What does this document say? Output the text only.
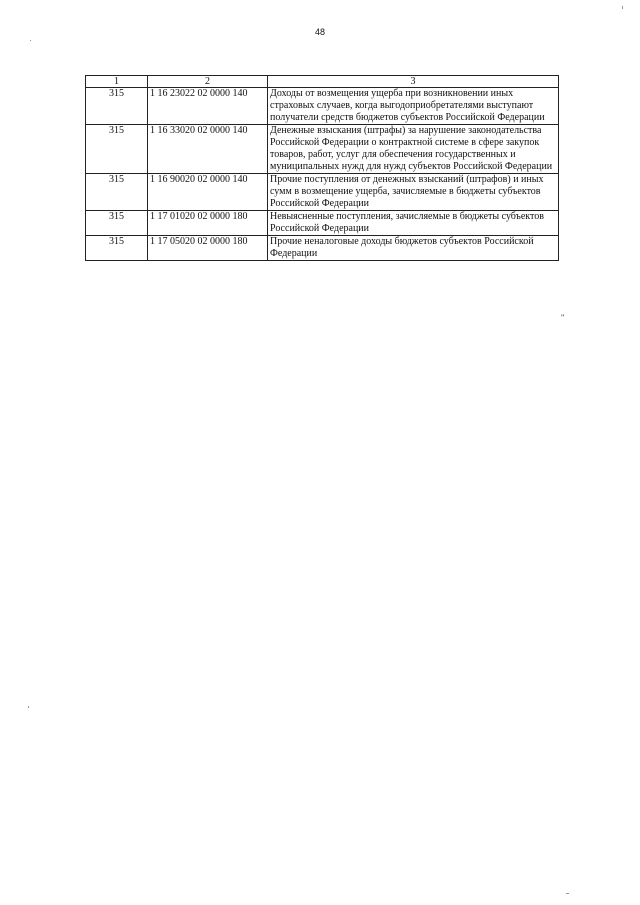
48
1	2	3
315	1 16 23022 02 0000 140	Доходы от возмещения ущерба при возникновении иных страховых случаев, когда выгодоприобретателями выступают получатели средств бюджетов субъектов Российской Федерации
315	1 16 33020 02 0000 140	Денежные взыскания (штрафы) за нарушение законодательства Российской Федерации о контрактной системе в сфере закупок товаров, работ, услуг для обеспечения государственных и муниципальных нужд для нужд субъектов Российской Федерации
315	1 16 90020 02 0000 140	Прочие поступления от денежных взысканий (штрафов) и иных сумм в возмещение ущерба, зачисляемые в бюджеты субъектов Российской Федерации
315	1 17 01020 02 0000 180	Невыясненные поступления, зачисляемые в бюджеты субъектов Российской Федерации
315	1 17 05020 02 0000 180	Прочие неналоговые доходы бюджетов субъектов Российской Федерации
"
